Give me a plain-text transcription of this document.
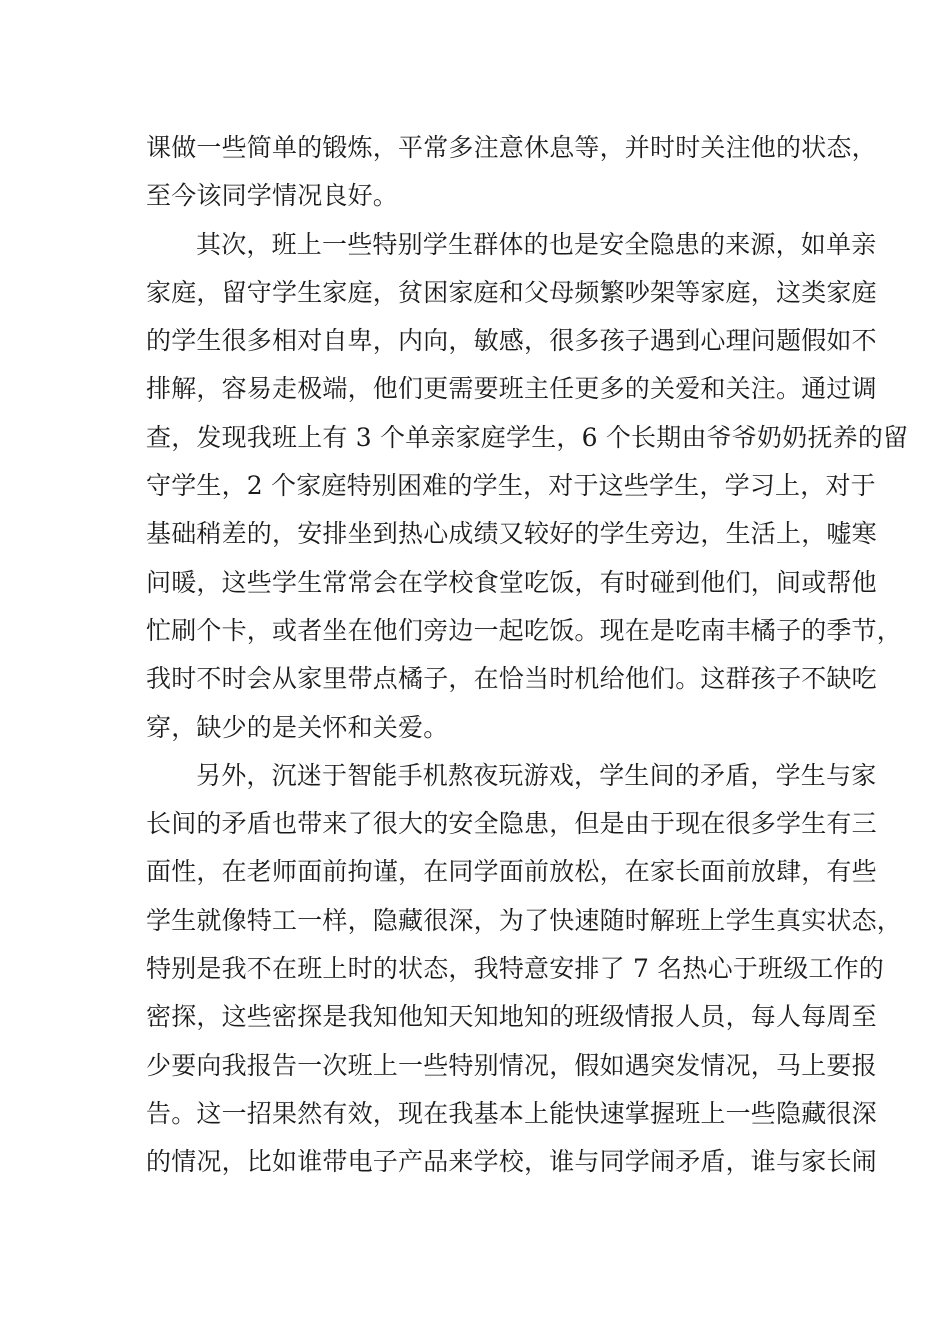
课做一些简单的锻炼，平常多注意休息等，并时时关注他的状态，
至今该同学情况良好。
其次，班上一些特别学生群体的也是安全隐患的来源，如单亲
家庭，留守学生家庭，贫困家庭和父母频繁吵架等家庭，这类家庭
的学生很多相对自卑，内向，敏感，很多孩子遇到心理问题假如不
排解，容易走极端，他们更需要班主任更多的关爱和关注。通过调
查，发现我班上有 3 个单亲家庭学生，6 个长期由爷爷奶奶抚养的留
守学生，2 个家庭特别困难的学生，对于这些学生，学习上，对于
基础稍差的，安排坐到热心成绩又较好的学生旁边，生活上，嘘寒
问暖，这些学生常常会在学校食堂吃饭，有时碰到他们，间或帮他
忙刷个卡，或者坐在他们旁边一起吃饭。现在是吃南丰橘子的季节，
我时不时会从家里带点橘子，在恰当时机给他们。这群孩子不缺吃
穿，缺少的是关怀和关爱。
另外，沉迷于智能手机熬夜玩游戏，学生间的矛盾，学生与家
长间的矛盾也带来了很大的安全隐患，但是由于现在很多学生有三
面性，在老师面前拘谨，在同学面前放松，在家长面前放肆，有些
学生就像特工一样，隐藏很深，为了快速随时解班上学生真实状态，
特别是我不在班上时的状态，我特意安排了 7 名热心于班级工作的
密探，这些密探是我知他知天知地知的班级情报人员，每人每周至
少要向我报告一次班上一些特别情况，假如遇突发情况，马上要报
告。这一招果然有效，现在我基本上能快速掌握班上一些隐藏很深
的情况，比如谁带电子产品来学校，谁与同学闹矛盾，谁与家长闹
